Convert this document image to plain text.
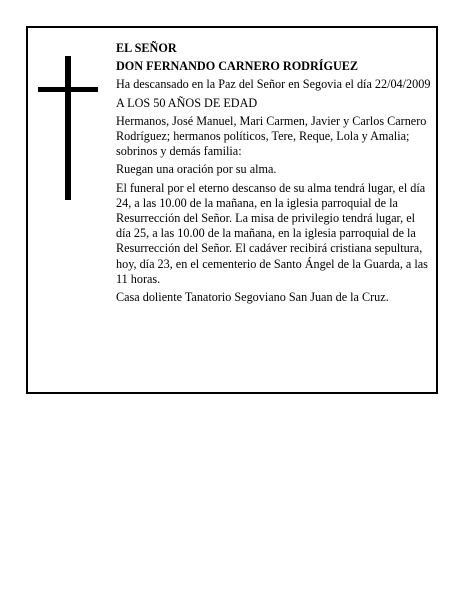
EL SEÑOR

DON FERNANDO CARNERO RODRÍGUEZ

Ha descansado en la Paz del Señor en Segovia el día 22/04/2009

A LOS 50 AÑOS DE EDAD

Hermanos, José Manuel, Mari Carmen, Javier y Carlos Carnero Rodríguez; hermanos políticos, Tere, Reque, Lola y Amalia; sobrinos y demás familia:

Ruegan una oración por su alma.

El funeral por el eterno descanso de su alma tendrá lugar, el día 24, a las 10.00 de la mañana, en la iglesia parroquial de la Resurrección del Señor. La misa de privilegio tendrá lugar, el día 25, a las 10.00 de la mañana, en la iglesia parroquial de la Resurrección del Señor. El cadáver recibirá cristiana sepultura, hoy, día 23, en el cementerio de Santo Ángel de la Guarda, a las 11 horas.

Casa doliente Tanatorio Segoviano San Juan de la Cruz.
